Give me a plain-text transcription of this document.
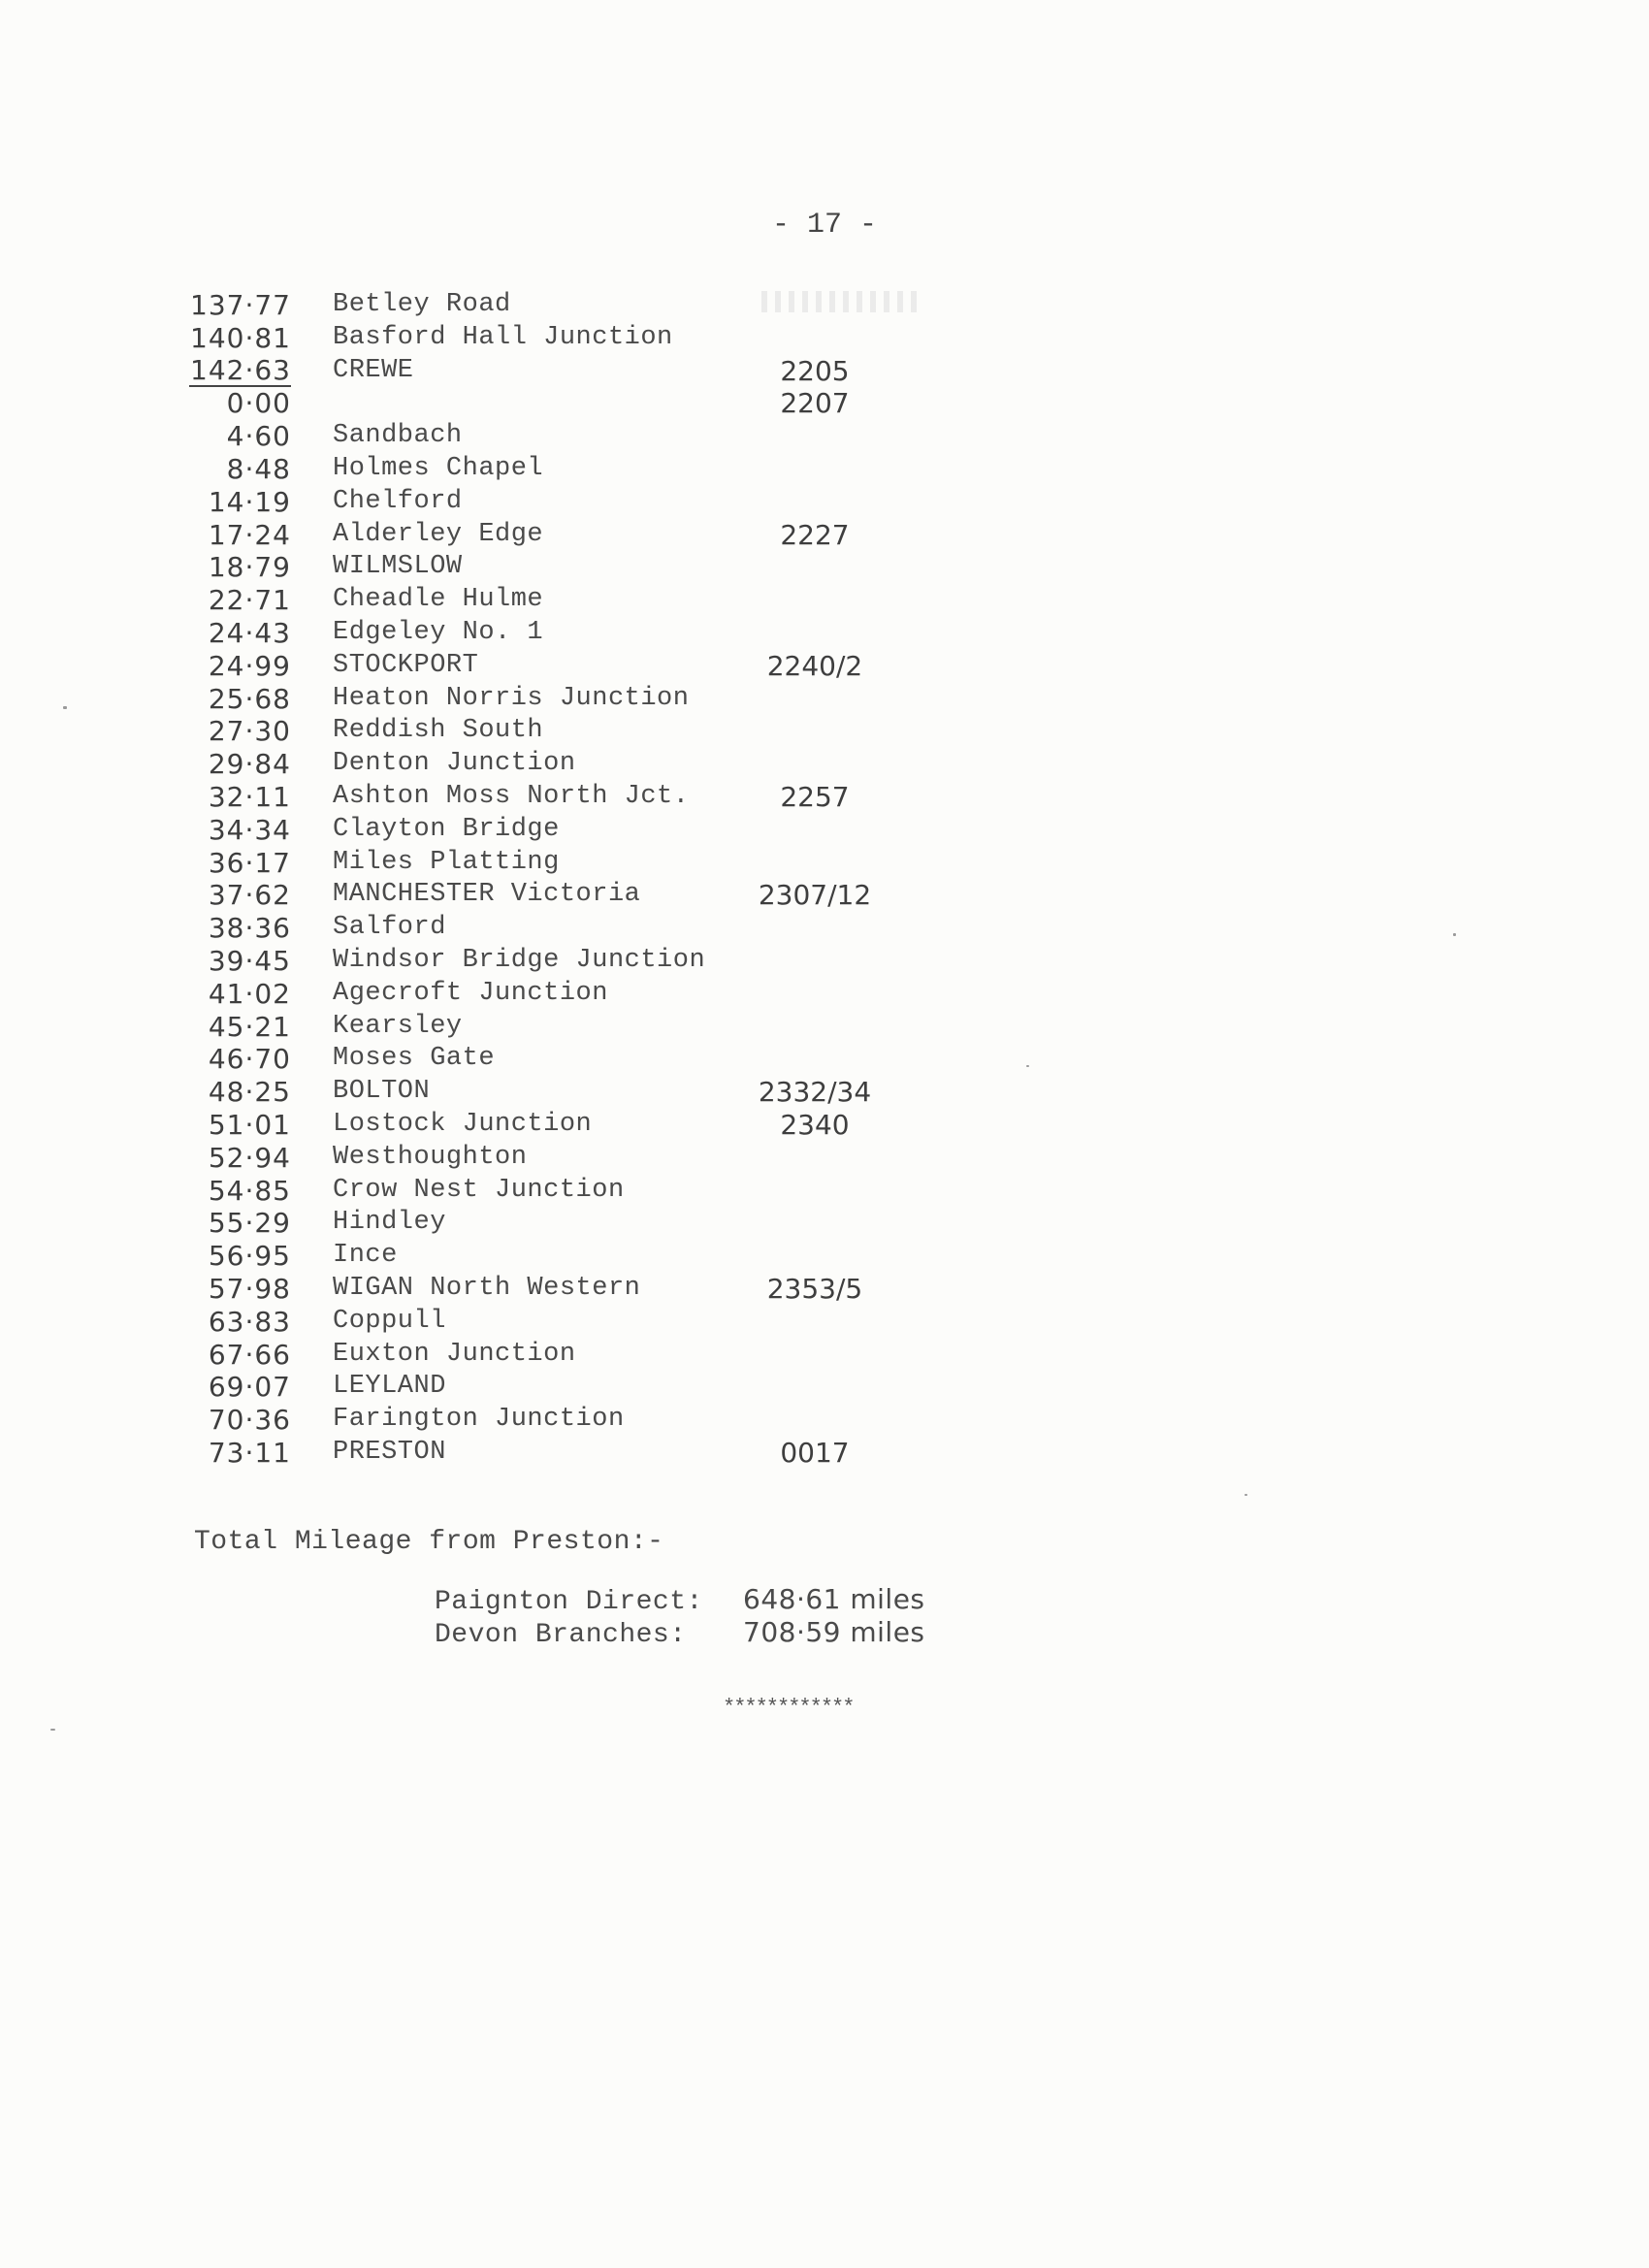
- 17 -
137·77 Betley Road
140·81 Basford Hall Junction
142·63 CREWE	2205
0·00	2207
4·60 Sandbach
8·48 Holmes Chapel
14·19 Chelford
17·24 Alderley Edge	2227
18·79 WILMSLOW
22·71 Cheadle Hulme
24·43 Edgeley No. 1
24·99 STOCKPORT	2240/2
25·68 Heaton Norris Junction
27·30 Reddish South
29·84 Denton Junction
32·11 Ashton Moss North Jct.	2257
34·34 Clayton Bridge
36·17 Miles Platting
37·62 MANCHESTER Victoria	2307/12
38·36 Salford
39·45 Windsor Bridge Junction
41·02 Agecroft Junction
45·21 Kearsley
46·70 Moses Gate
48·25 BOLTON	2332/34
51·01 Lostock Junction	2340
52·94 Westhoughton
54·85 Crow Nest Junction
55·29 Hindley
56·95 Ince
57·98 WIGAN North Western	2353/5
63·83 Coppull
67·66 Euxton Junction
69·07 LEYLAND
70·36 Farington Junction
73·11 PRESTON	0017
Total Mileage from Preston:-
Paignton Direct: 648·61 miles
Devon Branches: 708·59 miles
************
